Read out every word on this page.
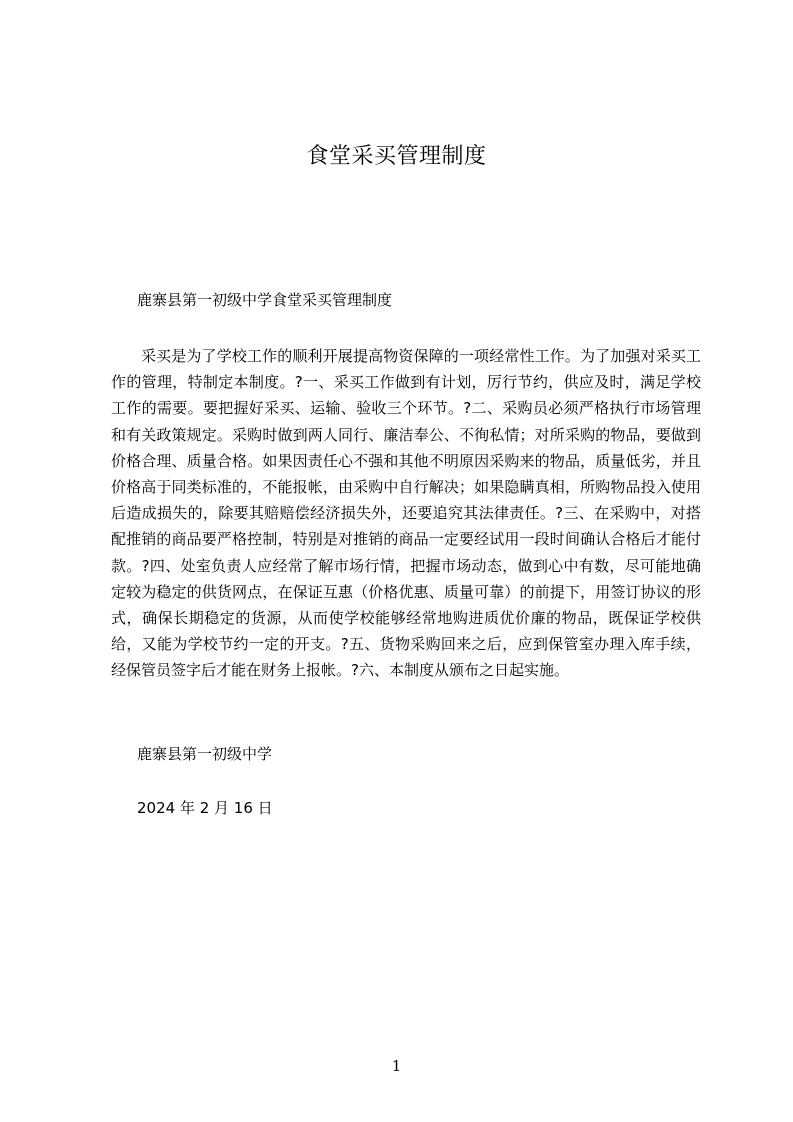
食堂采买管理制度
鹿寨县第一初级中学食堂采买管理制度

采买是为了学校工作的顺利开展提高物资保障的一项经常性工作。为了加强对采买工作的管理，特制定本制度。?一、采买工作做到有计划，厉行节约，供应及时，满足学校工作的需要。要把握好采买、运输、验收三个环节。?二、采购员必须严格执行市场管理和有关政策规定。采购时做到两人同行、廉洁奉公、不徇私情；对所采购的物品，要做到价格合理、质量合格。如果因责任心不强和其他不明原因采购来的物品，质量低劣，并且价格高于同类标准的，不能报帐，由采购中自行解决；如果隐瞒真相，所购物品投入使用后造成损失的，除要其赔赔偿经济损失外，还要追究其法律责任。?三、在采购中，对搭配推销的商品要严格控制，特别是对推销的商品一定要经试用一段时间确认合格后才能付款。?四、处室负责人应经常了解市场行情，把握市场动态，做到心中有数，尽可能地确定较为稳定的供货网点，在保证互惠（价格优惠、质量可靠）的前提下，用签订协议的形式，确保长期稳定的货源，从而使学校能够经常地购进质优价廉的物品，既保证学校供给，又能为学校节约一定的开支。?五、货物采购回来之后，应到保管室办理入库手续，经保管员签字后才能在财务上报帐。?六、本制度从颁布之日起实施。

鹿寨县第一初级中学
2024 年 2 月 16 日
1
